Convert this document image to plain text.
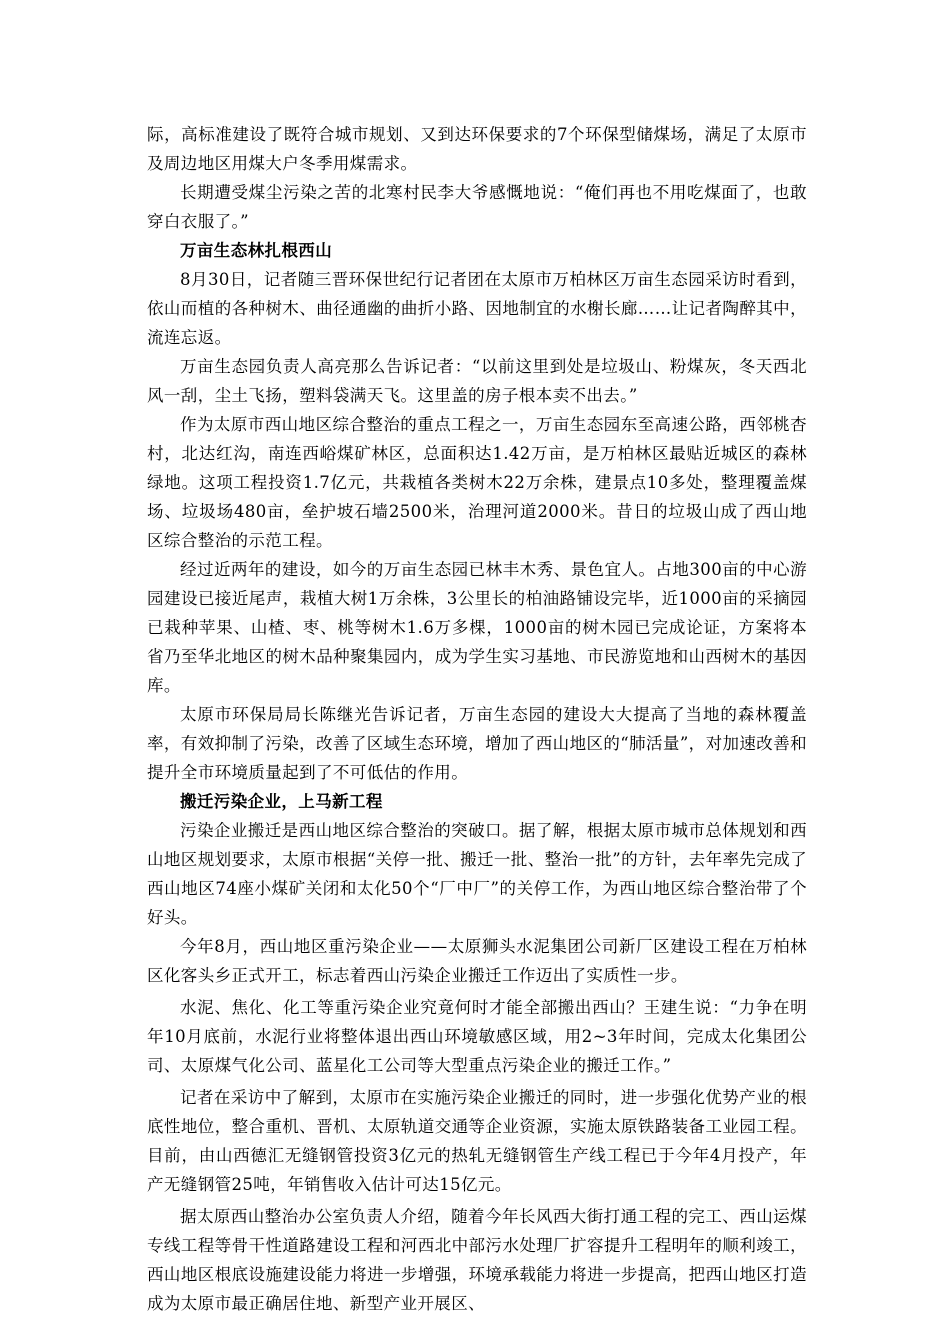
际，高标准建设了既符合城市规划、又到达环保要求的7个环保型储煤场，满足了太原市及周边地区用煤大户冬季用煤需求。

长期遭受煤尘污染之苦的北寒村民李大爷感慨地说：“俺们再也不用吃煤面了，也敢穿白衣服了。”

万亩生态林扎根西山

8月30日，记者随三晋环保世纪行记者团在太原市万柏林区万亩生态园采访时看到，依山而植的各种树木、曲径通幽的曲折小路、因地制宜的水榭长廊……让记者陶醉其中，流连忘返。

万亩生态园负责人高亮那么告诉记者：“以前这里到处是垃圾山、粉煤灰，冬天西北风一刮，尘土飞扬，塑料袋满天飞。这里盖的房子根本卖不出去。”

作为太原市西山地区综合整治的重点工程之一，万亩生态园东至高速公路，西邻桃杏村，北达红沟，南连西峪煤矿林区，总面积达1.42万亩，是万柏林区最贴近城区的森林绿地。这项工程投资1.7亿元，共栽植各类树木22万余株，建景点10多处，整理覆盖煤场、垃圾场480亩，垒护坡石墙2500米，治理河道2000米。昔日的垃圾山成了西山地区综合整治的示范工程。

经过近两年的建设，如今的万亩生态园已林丰木秀、景色宜人。占地300亩的中心游园建设已接近尾声，栽植大树1万余株，3公里长的柏油路铺设完毕，近1000亩的采摘园已栽种苹果、山楂、枣、桃等树木1.6万多棵，1000亩的树木园已完成论证，方案将本省乃至华北地区的树木品种聚集园内，成为学生实习基地、市民游览地和山西树木的基因库。

太原市环保局局长陈继光告诉记者，万亩生态园的建设大大提高了当地的森林覆盖率，有效抑制了污染，改善了区域生态环境，增加了西山地区的“肺活量”，对加速改善和提升全市环境质量起到了不可低估的作用。

搬迁污染企业，上马新工程

污染企业搬迁是西山地区综合整治的突破口。据了解，根据太原市城市总体规划和西山地区规划要求，太原市根据“关停一批、搬迁一批、整治一批”的方针，去年率先完成了西山地区74座小煤矿关闭和太化50个“厂中厂”的关停工作，为西山地区综合整治带了个好头。

今年8月，西山地区重污染企业——太原狮头水泥集团公司新厂区建设工程在万柏林区化客头乡正式开工，标志着西山污染企业搬迁工作迈出了实质性一步。

水泥、焦化、化工等重污染企业究竟何时才能全部搬出西山？王建生说：“力争在明年10月底前，水泥行业将整体退出西山环境敏感区域，用2~3年时间，完成太化集团公司、太原煤气化公司、蓝星化工公司等大型重点污染企业的搬迁工作。”

记者在采访中了解到，太原市在实施污染企业搬迁的同时，进一步强化优势产业的根底性地位，整合重机、晋机、太原轨道交通等企业资源，实施太原铁路装备工业园工程。目前，由山西德汇无缝钢管投资3亿元的热轧无缝钢管生产线工程已于今年4月投产，年产无缝钢管25吨，年销售收入估计可达15亿元。

据太原西山整治办公室负责人介绍，随着今年长风西大街打通工程的完工、西山运煤专线工程等骨干性道路建设工程和河西北中部污水处理厂扩容提升工程明年的顺利竣工，西山地区根底设施建设能力将进一步增强，环境承载能力将进一步提高，把西山地区打造成为太原市最正确居住地、新型产业开展区、
